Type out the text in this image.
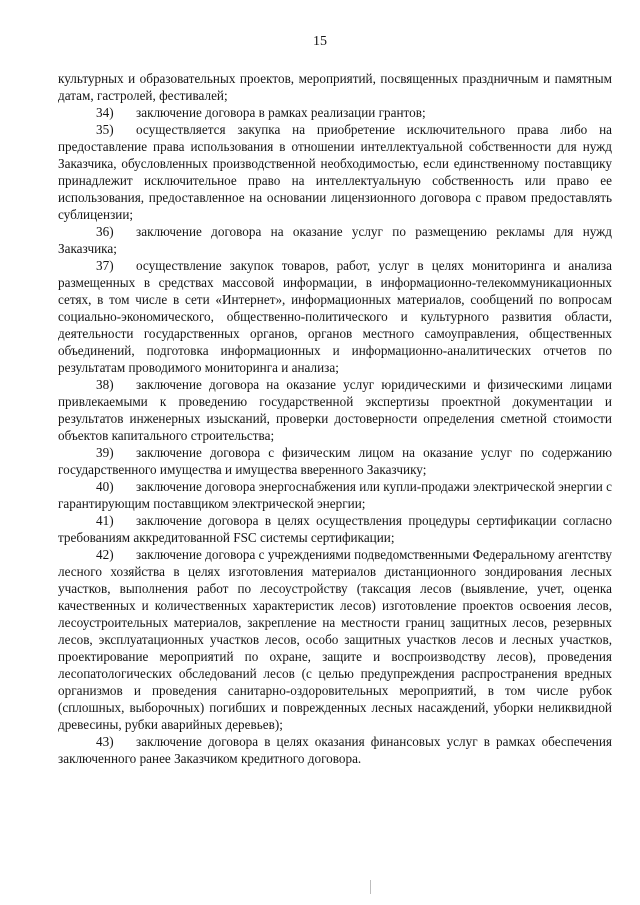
15

культурных и образовательных проектов, мероприятий, посвященных праздничным и памятным датам, гастролей, фестивалей;

34) заключение договора в рамках реализации грантов;

35) осуществляется закупка на приобретение исключительного права либо на предоставление права использования в отношении интеллектуальной собственности для нужд Заказчика, обусловленных производственной необходимостью, если единственному поставщику принадлежит исключительное право на интеллектуальную собственность или право ее использования, предоставленное на основании лицензионного договора с правом предоставлять сублицензии;

36) заключение договора на оказание услуг по размещению рекламы для нужд Заказчика;

37) осуществление закупок товаров, работ, услуг в целях мониторинга и анализа размещенных в средствах массовой информации, в информационно-телекоммуникационных сетях, в том числе в сети «Интернет», информационных материалов, сообщений по вопросам социально-экономического, общественно-политического и культурного развития области, деятельности государственных органов, органов местного самоуправления, общественных объединений, подготовка информационных и информационно-аналитических отчетов по результатам проводимого мониторинга и анализа;

38) заключение договора на оказание услуг юридическими и физическими лицами привлекаемыми к проведению государственной экспертизы проектной документации и результатов инженерных изысканий, проверки достоверности определения сметной стоимости объектов капитального строительства;

39) заключение договора с физическим лицом на оказание услуг по содержанию государственного имущества и имущества вверенного Заказчику;

40) заключение договора энергоснабжения или купли-продажи электрической энергии с гарантирующим поставщиком электрической энергии;

41) заключение договора в целях осуществления процедуры сертификации согласно требованиям аккредитованной FSC системы сертификации;

42) заключение договора с учреждениями подведомственными Федеральному агентству лесного хозяйства в целях изготовления материалов дистанционного зондирования лесных участков, выполнения работ по лесоустройству (таксация лесов (выявление, учет, оценка качественных и количественных характеристик лесов) изготовление проектов освоения лесов, лесоустроительных материалов, закрепление на местности границ защитных лесов, резервных лесов, эксплуатационных участков лесов, особо защитных участков лесов и лесных участков, проектирование мероприятий по охране, защите и воспроизводству лесов), проведения лесопатологических обследований лесов (с целью предупреждения распространения вредных организмов и проведения санитарно-оздоровительных мероприятий, в том числе рубок (сплошных, выборочных) погибших и поврежденных лесных насаждений, уборки неликвидной древесины, рубки аварийных деревьев);

43) заключение договора в целях оказания финансовых услуг в рамках обеспечения заключенного ранее Заказчиком кредитного договора.
